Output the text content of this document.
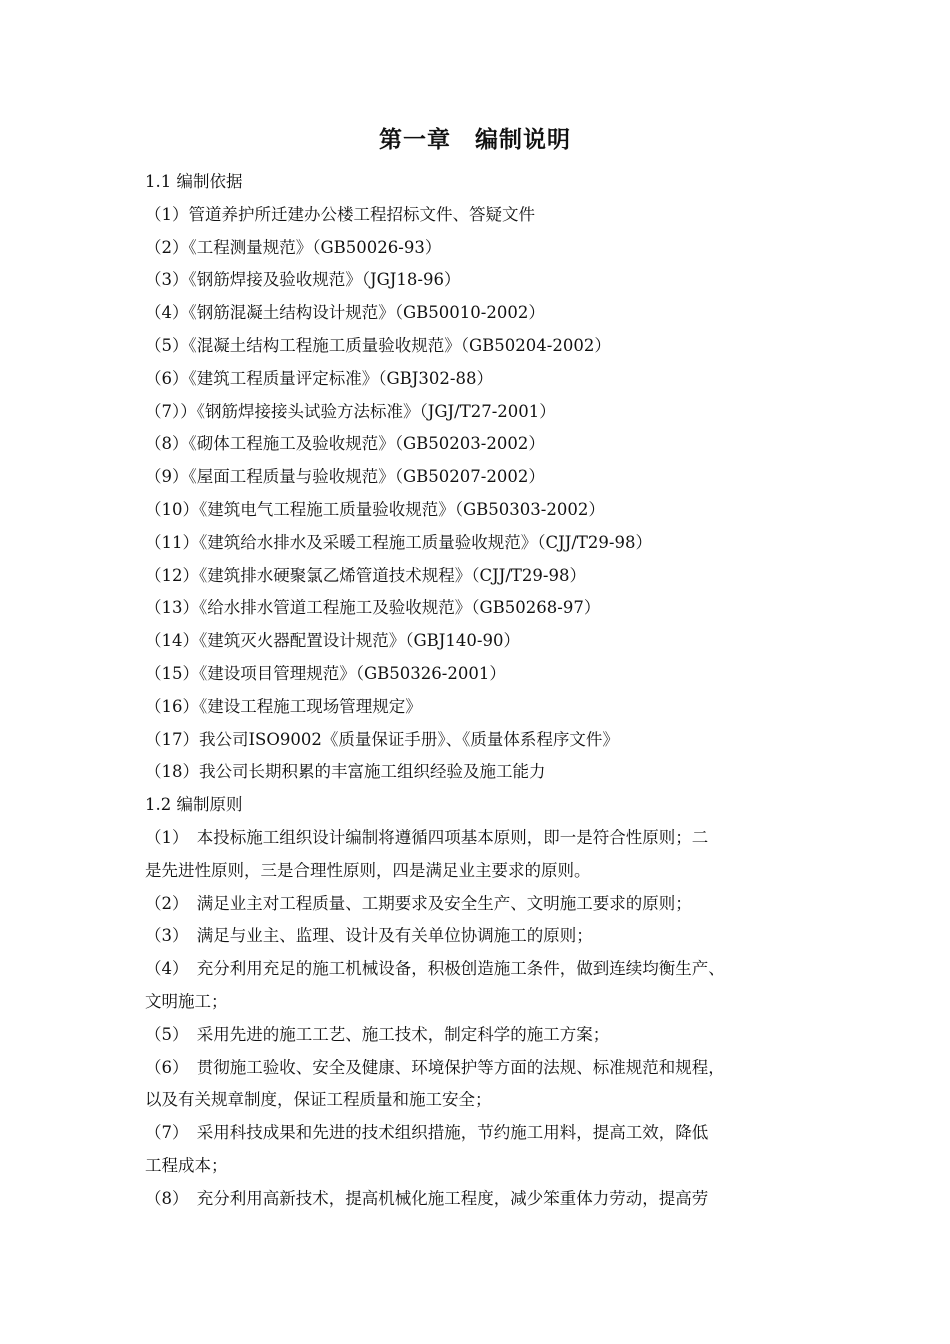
第一章　编制说明
1.1 编制依据
（1）管道养护所迁建办公楼工程招标文件、答疑文件
（2）《工程测量规范》（GB50026-93）
（3）《钢筋焊接及验收规范》（JGJ18-96）
（4）《钢筋混凝土结构设计规范》（GB50010-2002）
（5）《混凝土结构工程施工质量验收规范》（GB50204-2002）
（6）《建筑工程质量评定标准》（GBJ302-88）
（7））《钢筋焊接接头试验方法标准》（JGJ/T27-2001）
（8）《砌体工程施工及验收规范》（GB50203-2002）
（9）《屋面工程质量与验收规范》（GB50207-2002）
（10）《建筑电气工程施工质量验收规范》（GB50303-2002）
（11）《建筑给水排水及采暖工程施工质量验收规范》（CJJ/T29-98）
（12）《建筑排水硬聚氯乙烯管道技术规程》（CJJ/T29-98）
（13）《给水排水管道工程施工及验收规范》（GB50268-97）
（14）《建筑灭火器配置设计规范》（GBJ140-90）
（15）《建设项目管理规范》（GB50326-2001）
（16）《建设工程施工现场管理规定》
（17）我公司ISO9002《质量保证手册》、《质量体系程序文件》
（18）我公司长期积累的丰富施工组织经验及施工能力
1.2 编制原则
（1）　本投标施工组织设计编制将遵循四项基本原则，即一是符合性原则；二
是先进性原则，三是合理性原则，四是满足业主要求的原则。
（2）　满足业主对工程质量、工期要求及安全生产、文明施工要求的原则；
（3）　满足与业主、监理、设计及有关单位协调施工的原则；
（4）　充分利用充足的施工机械设备，积极创造施工条件，做到连续均衡生产、
文明施工；
（5）　采用先进的施工工艺、施工技术，制定科学的施工方案；
（6）　贯彻施工验收、安全及健康、环境保护等方面的法规、标准规范和规程，
以及有关规章制度，保证工程质量和施工安全；
（7）　采用科技成果和先进的技术组织措施，节约施工用料，提高工效，降低
工程成本；
（8）　充分利用高新技术，提高机械化施工程度，减少笨重体力劳动，提高劳
